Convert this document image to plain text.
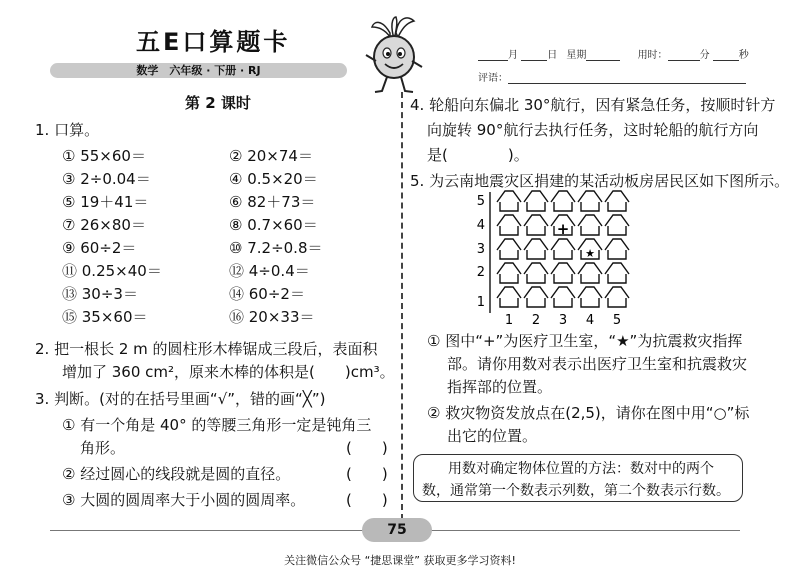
五E口算题卡
数学　六年级 · 下册 · RJ
月	日 星期	用时：	分	秒
评语：
第 2 课时
1. 口算。
① 55×60＝	② 20×74＝
③ 2÷0.04＝	④ 0.5×20＝
⑤ 19＋41＝	⑥ 82＋73＝
⑦ 26×80＝	⑧ 0.7×60＝
⑨ 60÷2＝	⑩ 7.2÷0.8＝
⑪ 0.25×40＝	⑫ 4÷0.4＝
⑬ 30÷3＝	⑭ 60÷2＝
⑮ 35×60＝	⑯ 20×33＝
2. 把一根长 2 m 的圆柱形木棒锯成三段后，表面积
增加了 360 cm²，原来木棒的体积是(　　)cm³。
3. 判断。(对的在括号里画“√”，错的画“╳”)
① 有一个角是 40° 的等腰三角形一定是钝角三
角形。	(　　)
② 经过圆心的线段就是圆的直径。	(　　)
③ 大圆的圆周率大于小圆的圆周率。	(　　)
4. 轮船向东偏北 30°航行，因有紧急任务，按顺时针方
向旋转 90°航行去执行任务，这时轮船的航行方向
是(　　　　)。
5. 为云南地震灾区捐建的某活动板房居民区如下图所示。
+
★
5
4
3
2
1
1 2 3 4 5
① 图中“+”为医疗卫生室，“★”为抗震救灾指挥
部。请你用数对表示出医疗卫生室和抗震救灾
指挥部的位置。
② 救灾物资发放点在(2,5)，请你在图中用“○”标
出它的位置。
用数对确定物体位置的方法：数对中的两个
数，通常第一个数表示列数，第二个数表示行数。
75
关注微信公众号 “捷思课堂” 获取更多学习资料!
